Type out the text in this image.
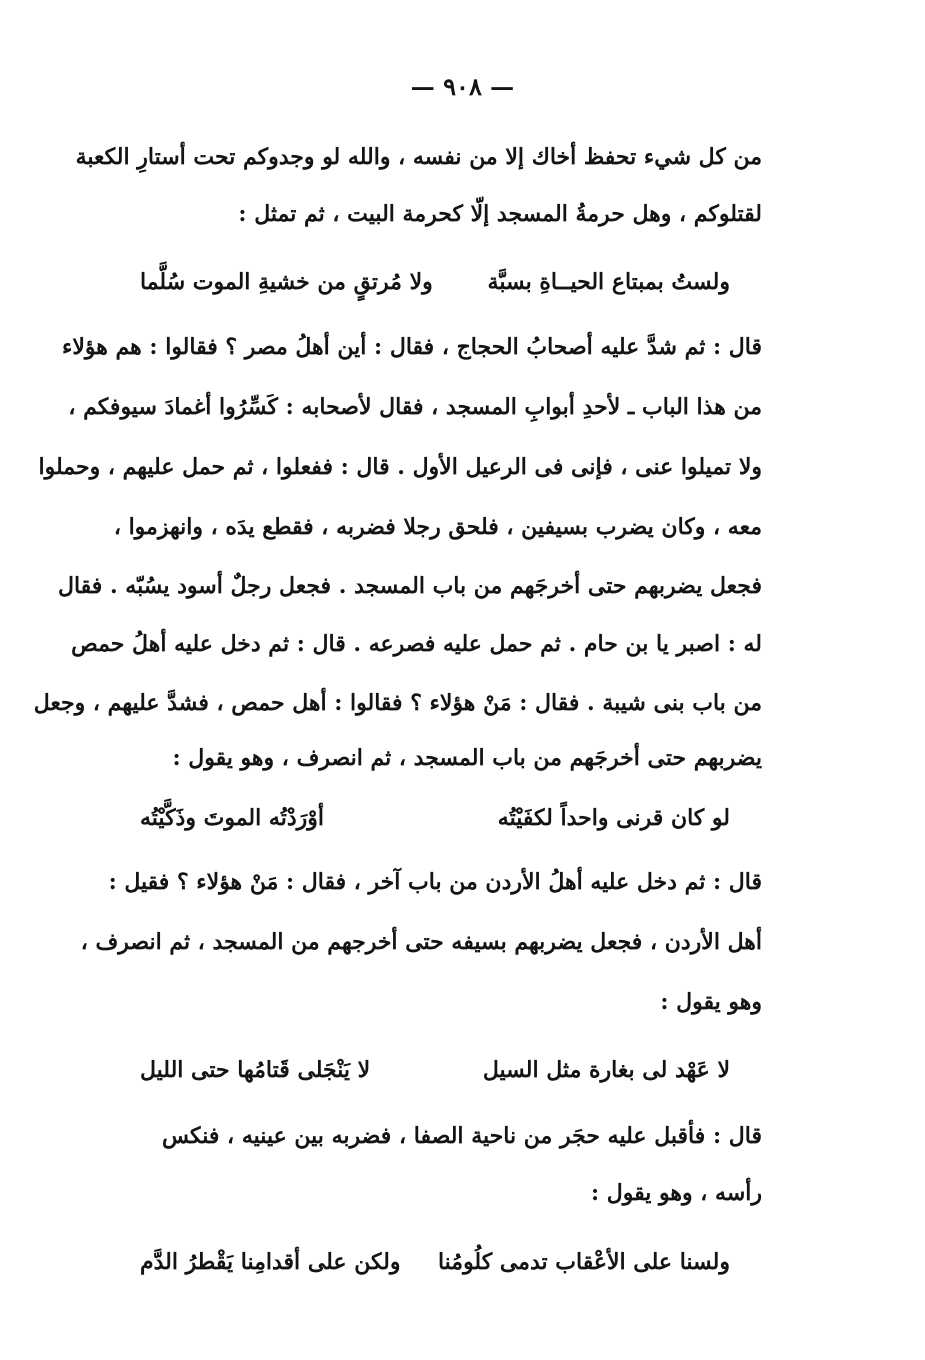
— ٩٠٨ —
من كل شيء تحفظ أخاك إلا من نفسه ، والله لو وجدوكم تحت أستارِ الكعبة
لقتلوكم ، وهل حرمةُ المسجد إلّا كحرمة البيت ، ثم تمثل :
ولستُ بمبتاع الحيــاةِ بسبَّة
ولا مُرتقٍ من خشيةِ الموت سُلَّما
قال : ثم شدَّ عليه أصحابُ الحجاج ، فقال : أين أهلُ مصر ؟ فقالوا : هم هؤلاء
من هذا الباب ـ لأحدِ أبوابِ المسجد ، فقال لأصحابه : كَسِّرُوا أغمادَ سيوفكم ،
ولا تميلوا عنى ، فإنى فى الرعيل الأول . قال : ففعلوا ، ثم حمل عليهم ، وحملوا
معه ، وكان يضرب بسيفين ، فلحق رجلا فضربه ، فقطع يدَه ، وانهزموا ،
فجعل يضربهم حتى أخرجَهم من باب المسجد . فجعل رجلٌ أسود يسُبّه . فقال
له : اصبر يا بن حام . ثم حمل عليه فصرعه . قال : ثم دخل عليه أهلُ حمص
من باب بنى شيبة . فقال : مَنْ هؤلاء ؟ فقالوا : أهل حمص ، فشدَّ عليهم ، وجعل
يضربهم حتى أخرجَهم من باب المسجد ، ثم انصرف ، وهو يقول :
لو كان قرنى واحداً لكفَيْتُه
أوْرَدْتُه الموتَ وذَكَّيْتُه
قال : ثم دخل عليه أهلُ الأردن من باب آخر ، فقال : مَنْ هؤلاء ؟ فقيل :
أهل الأردن ، فجعل يضربهم بسيفه حتى أخرجهم من المسجد ، ثم انصرف ،
وهو يقول :
لا عَهْد لى بغارة مثل السيل
لا يَنْجَلى قَتامُها حتى الليل
قال : فأقبل عليه حجَر من ناحية الصفا ، فضربه بين عينيه ، فنكس
رأسه ، وهو يقول :
ولسنا على الأعْقاب تدمى كلُومُنا
ولكن على أقدامِنا يَقْطرُ الدَّم
